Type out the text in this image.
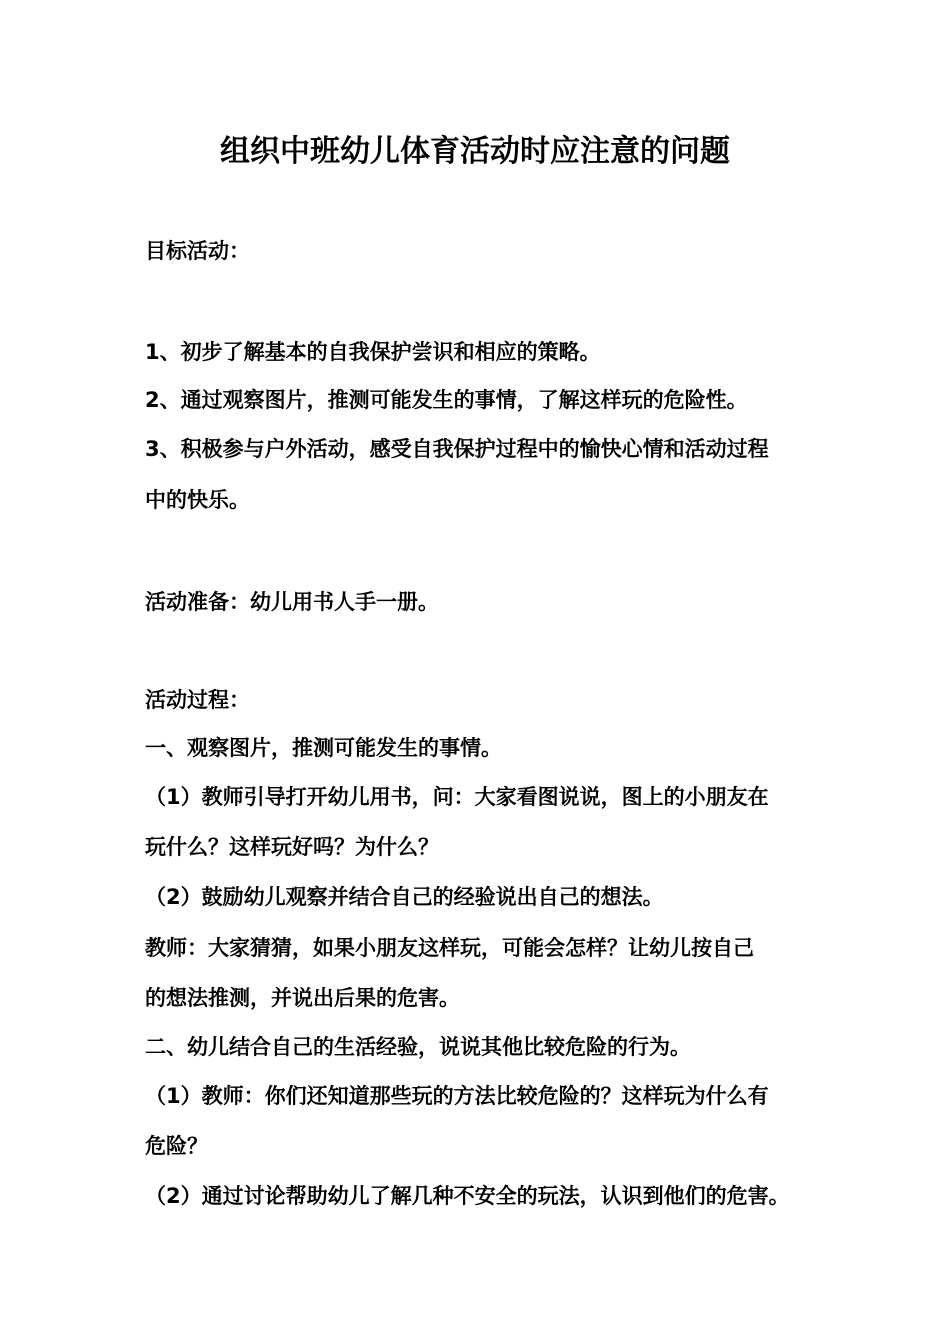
组织中班幼儿体育活动时应注意的问题
目标活动：
1、初步了解基本的自我保护尝识和相应的策略。
2、通过观察图片，推测可能发生的事情，了解这样玩的危险性。
3、积极参与户外活动，感受自我保护过程中的愉快心情和活动过程
中的快乐。
活动准备：幼儿用书人手一册。
活动过程：
一、观察图片，推测可能发生的事情。
（1）教师引导打开幼儿用书，问：大家看图说说，图上的小朋友在
玩什么？这样玩好吗？为什么？
（2）鼓励幼儿观察并结合自己的经验说出自己的想法。
教师：大家猜猜，如果小朋友这样玩，可能会怎样？让幼儿按自己
的想法推测，并说出后果的危害。
二、幼儿结合自己的生活经验，说说其他比较危险的行为。
（1）教师：你们还知道那些玩的方法比较危险的？这样玩为什么有
危险？
（2）通过讨论帮助幼儿了解几种不安全的玩法，认识到他们的危害。
